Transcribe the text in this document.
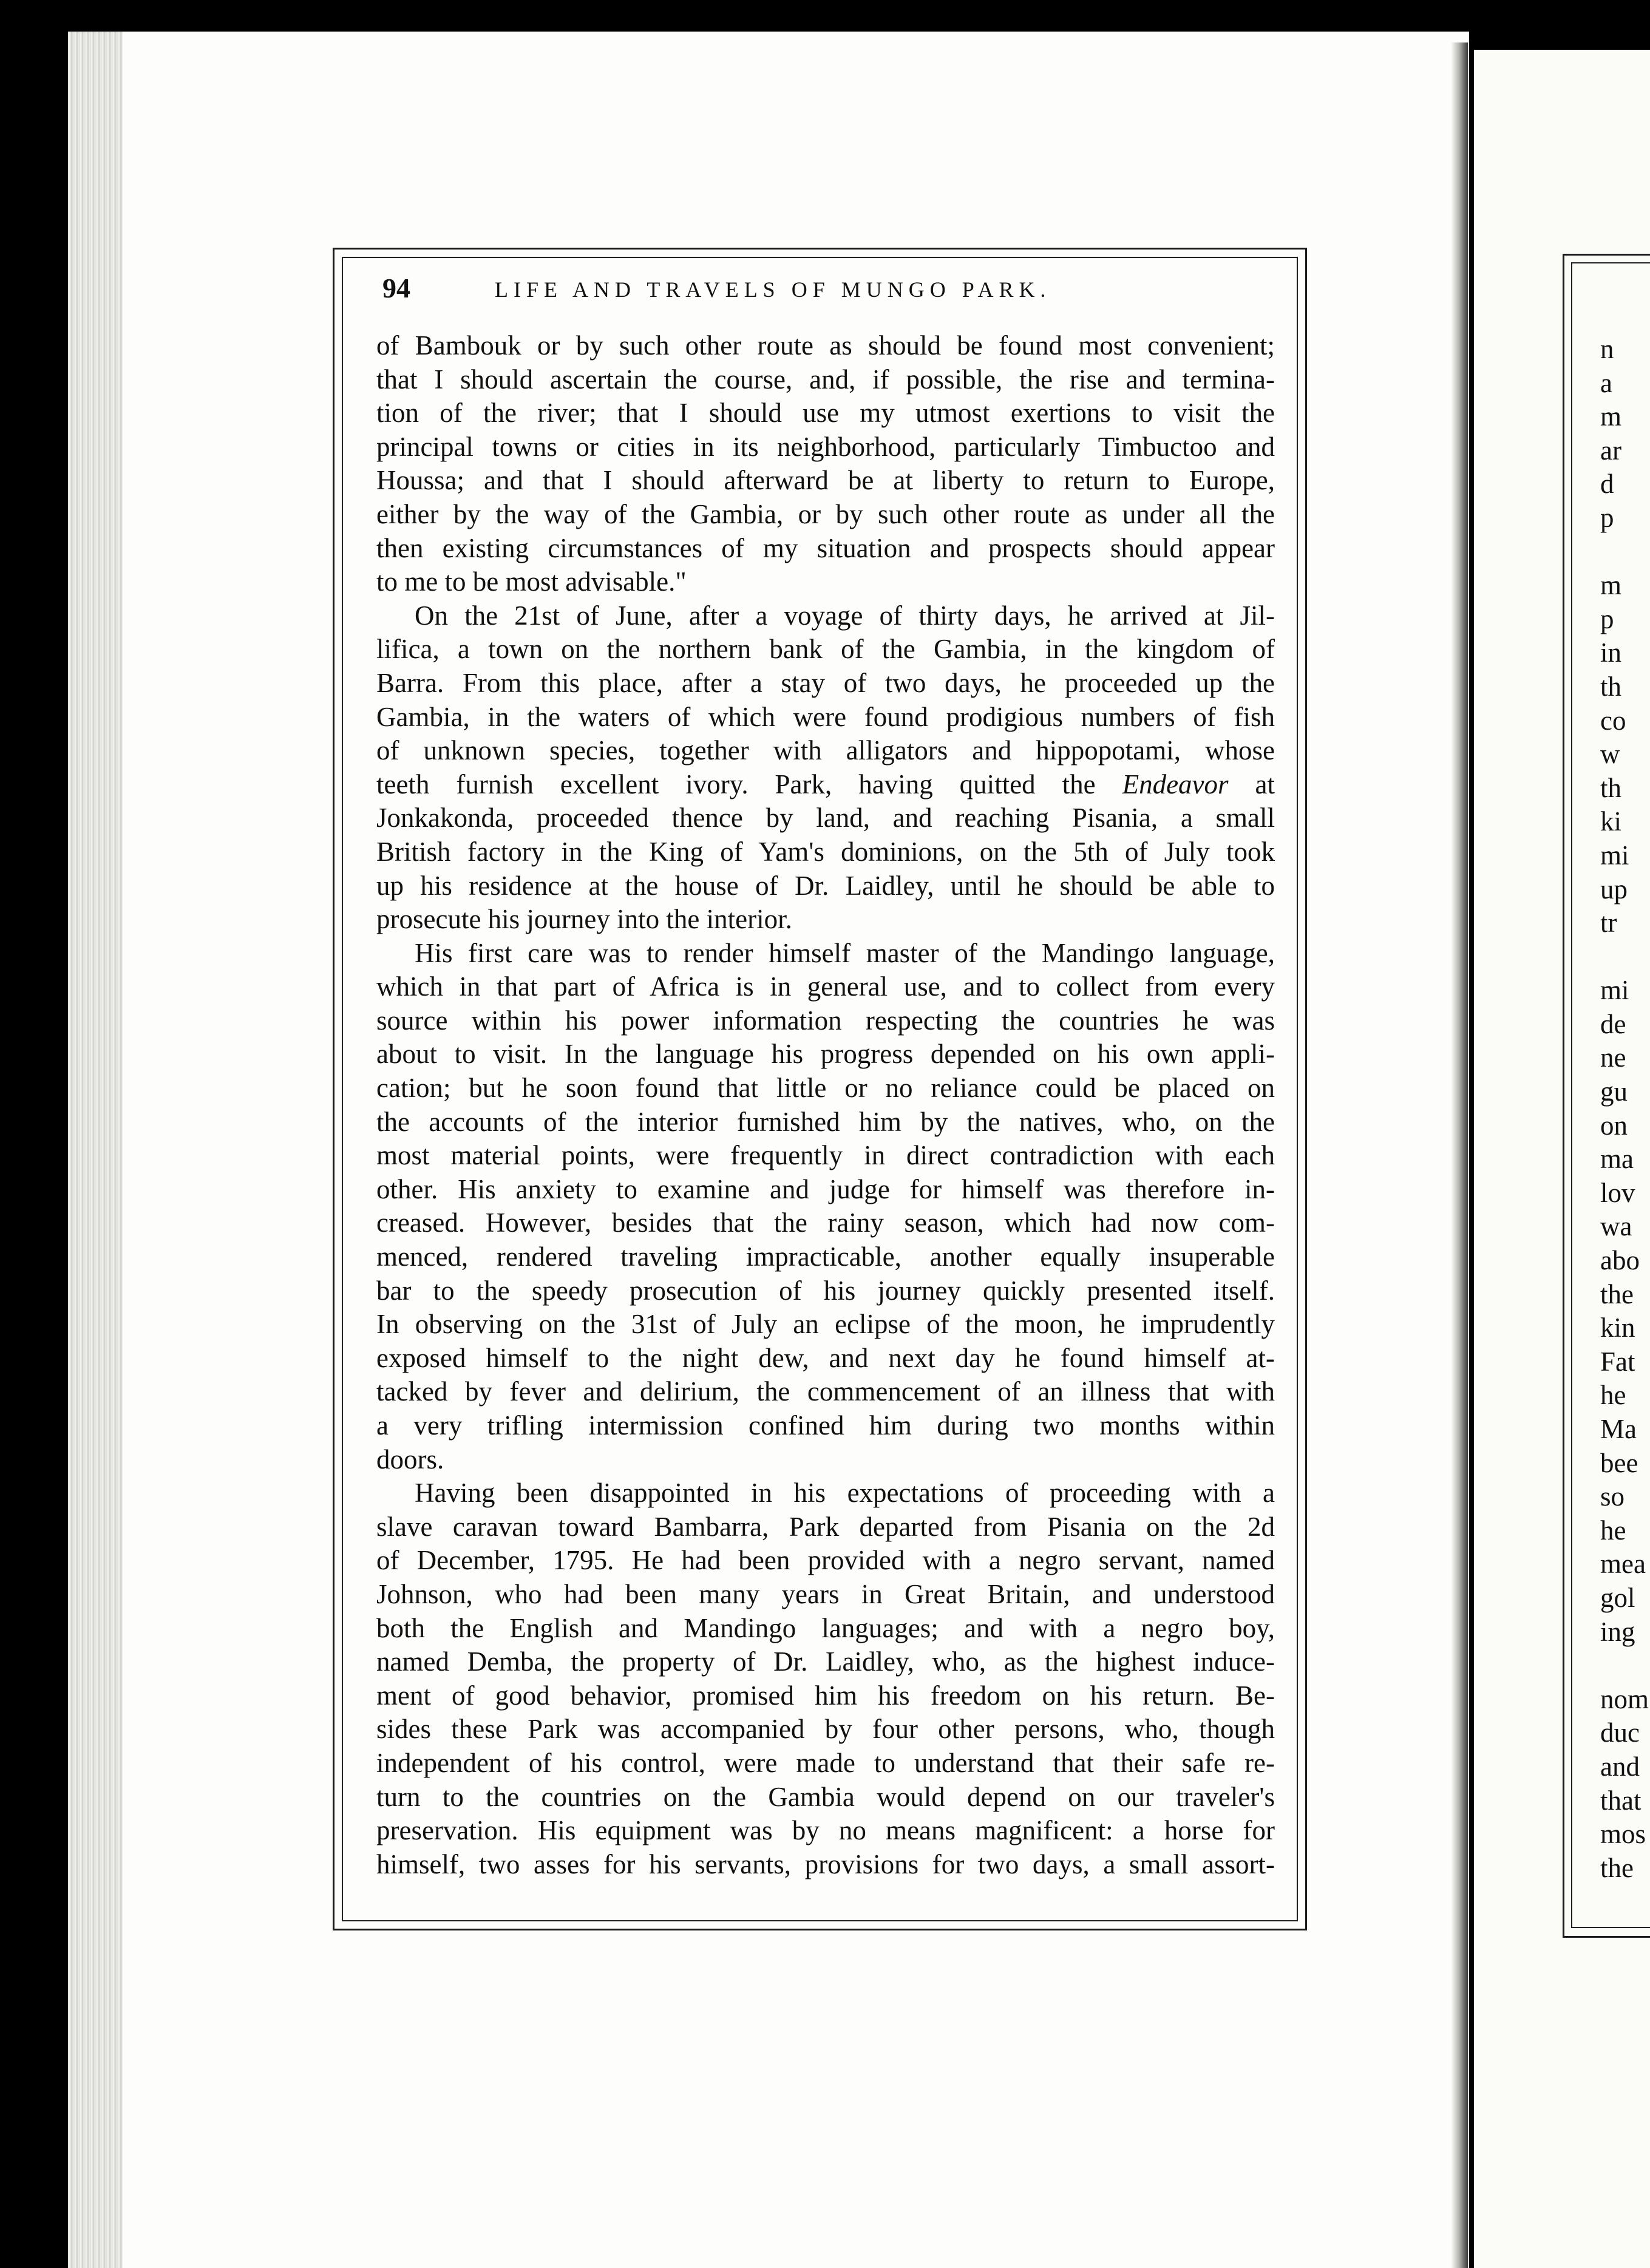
94	LIFE AND TRAVELS OF MUNGO PARK.
of Bambouk or by such other route as should be found most convenient;
that I should ascertain the course, and, if possible, the rise and termina-
tion of the river; that I should use my utmost exertions to visit the
principal towns or cities in its neighborhood, particularly Timbuctoo and
Houssa; and that I should afterward be at liberty to return to Europe,
either by the way of the Gambia, or by such other route as under all the
then existing circumstances of my situation and prospects should appear
to me to be most advisable."
On the 21st of June, after a voyage of thirty days, he arrived at Jil-
lifica, a town on the northern bank of the Gambia, in the kingdom of
Barra. From this place, after a stay of two days, he proceeded up the
Gambia, in the waters of which were found prodigious numbers of fish
of unknown species, together with alligators and hippopotami, whose
teeth furnish excellent ivory. Park, having quitted the Endeavor at
Jonkakonda, proceeded thence by land, and reaching Pisania, a small
British factory in the King of Yam's dominions, on the 5th of July took
up his residence at the house of Dr. Laidley, until he should be able to
prosecute his journey into the interior.
His first care was to render himself master of the Mandingo language,
which in that part of Africa is in general use, and to collect from every
source within his power information respecting the countries he was
about to visit. In the language his progress depended on his own appli-
cation; but he soon found that little or no reliance could be placed on
the accounts of the interior furnished him by the natives, who, on the
most material points, were frequently in direct contradiction with each
other. His anxiety to examine and judge for himself was therefore in-
creased. However, besides that the rainy season, which had now com-
menced, rendered traveling impracticable, another equally insuperable
bar to the speedy prosecution of his journey quickly presented itself.
In observing on the 31st of July an eclipse of the moon, he imprudently
exposed himself to the night dew, and next day he found himself at-
tacked by fever and delirium, the commencement of an illness that with
a very trifling intermission confined him during two months within
doors.
Having been disappointed in his expectations of proceeding with a
slave caravan toward Bambarra, Park departed from Pisania on the 2d
of December, 1795. He had been provided with a negro servant, named
Johnson, who had been many years in Great Britain, and understood
both the English and Mandingo languages; and with a negro boy,
named Demba, the property of Dr. Laidley, who, as the highest induce-
ment of good behavior, promised him his freedom on his return. Be-
sides these Park was accompanied by four other persons, who, though
independent of his control, were made to understand that their safe re-
turn to the countries on the Gambia would depend on our traveler's
preservation. His equipment was by no means magnificent: a horse for
himself, two asses for his servants, provisions for two days, a small assort-
n
a
m
ar
d
p
m
p
in
th
co
w
th
ki
mi
up
tr
mi
de
ne
gu
on
ma
lov
wa
abo
the
kin
Fat
he
Ma
bee
so
he
mea
gol
ing
nom
duc
and
that
mos
the
